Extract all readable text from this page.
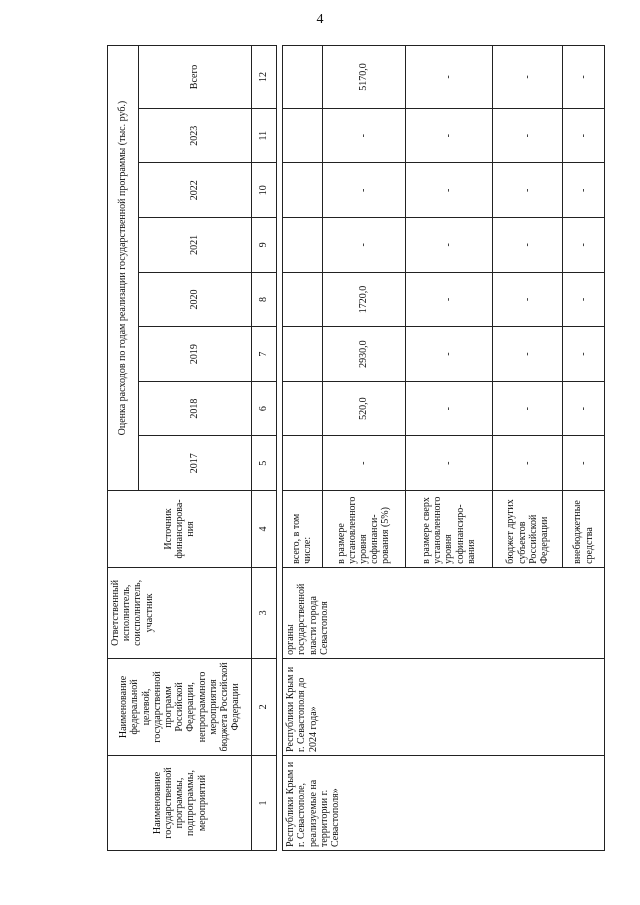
4
Наименование государственной программы, подпрограммы, мероприятий	Наименование федеральной целевой, государственной программ Российской Федерации, непрограммного мероприятия бюджета Российской Федерации	Ответственный исполнитель, соисполнитель, участник	Источник финансирова-ния	Оценка расходов по годам реализации государственной программы (тыс. руб.)							
				2017	2018	2019	2020	2021	2022	2023	Всего
1	2	3	4	5	6	7	8	9	10	11	12

Республики Крым и г. Севастополе, реализуемые на территории г. Севастополя»	Республики Крым и г. Севастополя до 2024 года»	органы государственной власти города Севастополя	всего, в том числе:								
			в размере установленного уровня софинанси-рования (5%)	-	520,0	2930,0	1720,0	-	-	-	5170,0
			в размере сверх установленного уровня софинансиро-вания	-	-	-	-	-	-	-	-
			бюджет других субъектов Российской Федерации	-	-	-	-	-	-	-	-
			внебюджетные средства	-	-	-	-	-	-	-	-
